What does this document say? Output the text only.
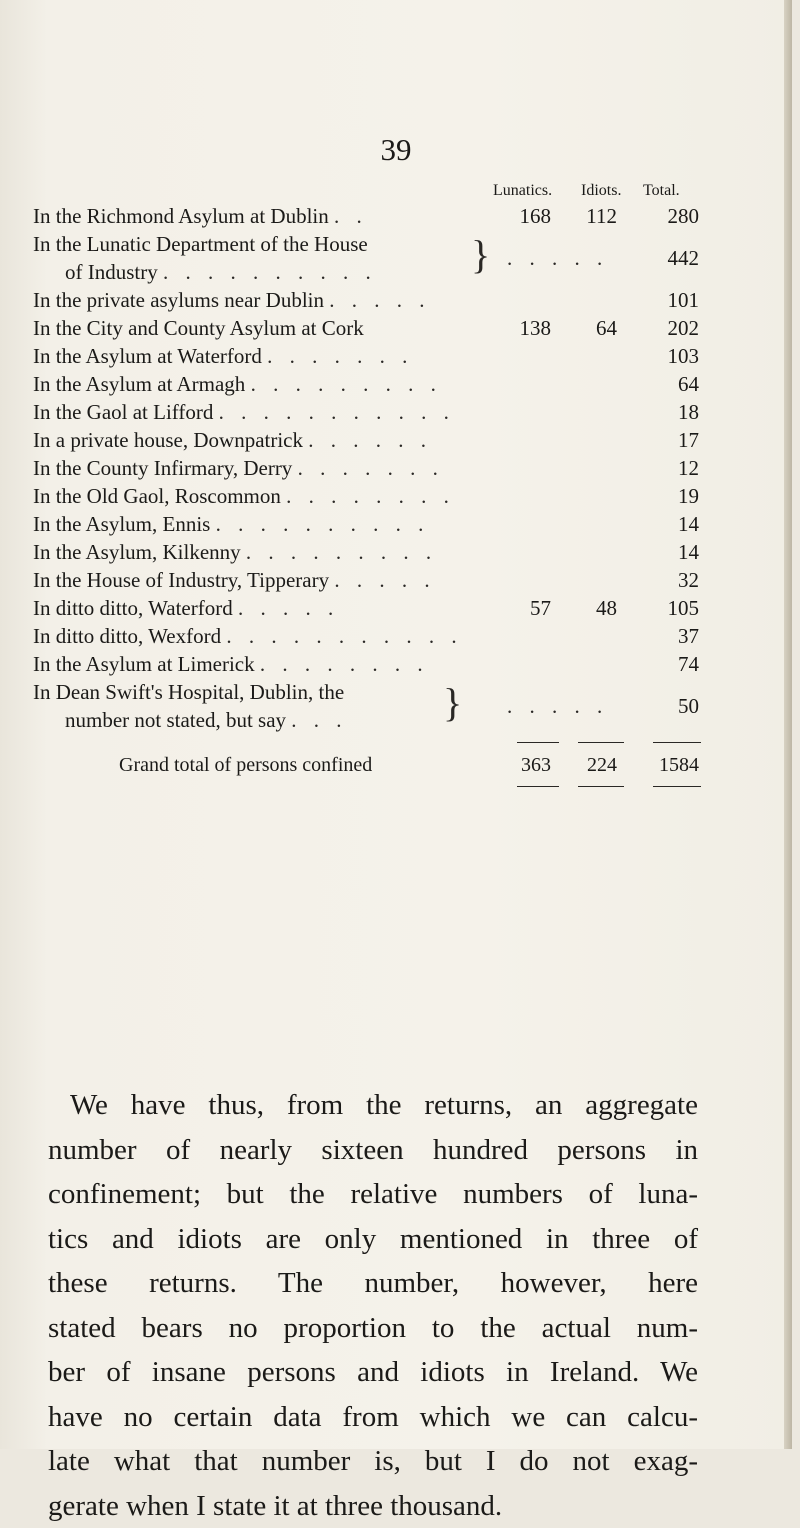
39
Lunatics. Idiots. Total.
In the Richmond Asylum at Dublin . .	168	112	280
In the Lunatic Department of the House
of Industry . . . . . . . . . . } . . . . .	442
In the private asylums near Dublin . . . . .	101
In the City and County Asylum at Cork	138	64	202
In the Asylum at Waterford . . . . . . .	103
In the Asylum at Armagh . . . . . . . . .	64
In the Gaol at Lifford . . . . . . . . . . .	18
In a private house, Downpatrick . . . . . .	17
In the County Infirmary, Derry . . . . . . .	12
In the Old Gaol, Roscommon . . . . . . . .	19
In the Asylum, Ennis . . . . . . . . . .	14
In the Asylum, Kilkenny . . . . . . . . .	14
In the House of Industry, Tipperary . . . . .	32
In ditto ditto, Waterford . . . . .	57	48	105
In ditto ditto, Wexford . . . . . . . . . . .	37
In the Asylum at Limerick . . . . . . . .	74
In Dean Swift's Hospital, Dublin, the
number not stated, but say . . . } . . . . .	50
Grand total of persons confined	363	224	1584
We have thus, from the returns, an aggregate
number of nearly sixteen hundred persons in
confinement; but the relative numbers of luna-
tics and idiots are only mentioned in three of
these returns. The number, however, here
stated bears no proportion to the actual num-
ber of insane persons and idiots in Ireland. We
have no certain data from which we can calcu-
late what that number is, but I do not exag-
gerate when I state it at three thousand.
